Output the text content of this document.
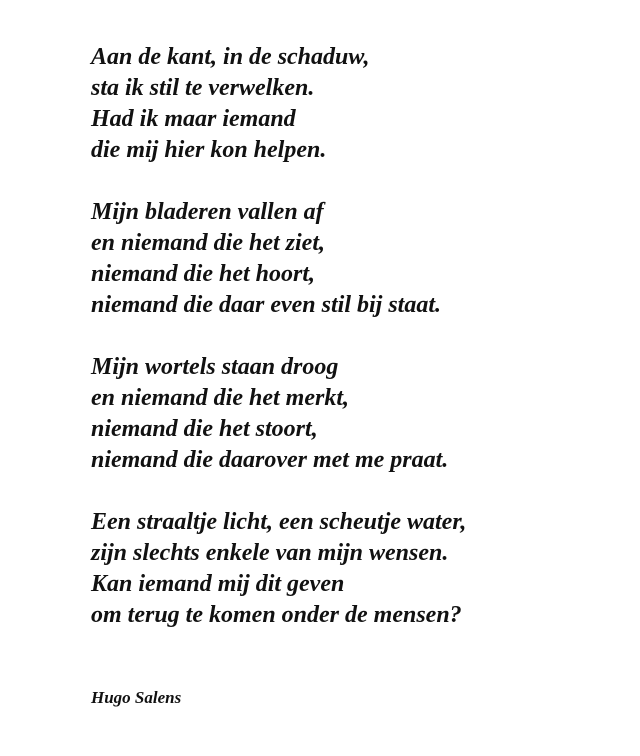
Aan de kant, in de schaduw,
sta ik stil te verwelken.
Had ik maar iemand
die mij hier kon helpen.
Mijn bladeren vallen af
en niemand die het ziet,
niemand die het hoort,
niemand die daar even stil bij staat.
Mijn wortels staan droog
en niemand die het merkt,
niemand die het stoort,
niemand die daarover met me praat.
Een straaltje licht, een scheutje water,
zijn slechts enkele van mijn wensen.
Kan iemand mij dit geven
om terug te komen onder de mensen?
Hugo Salens
